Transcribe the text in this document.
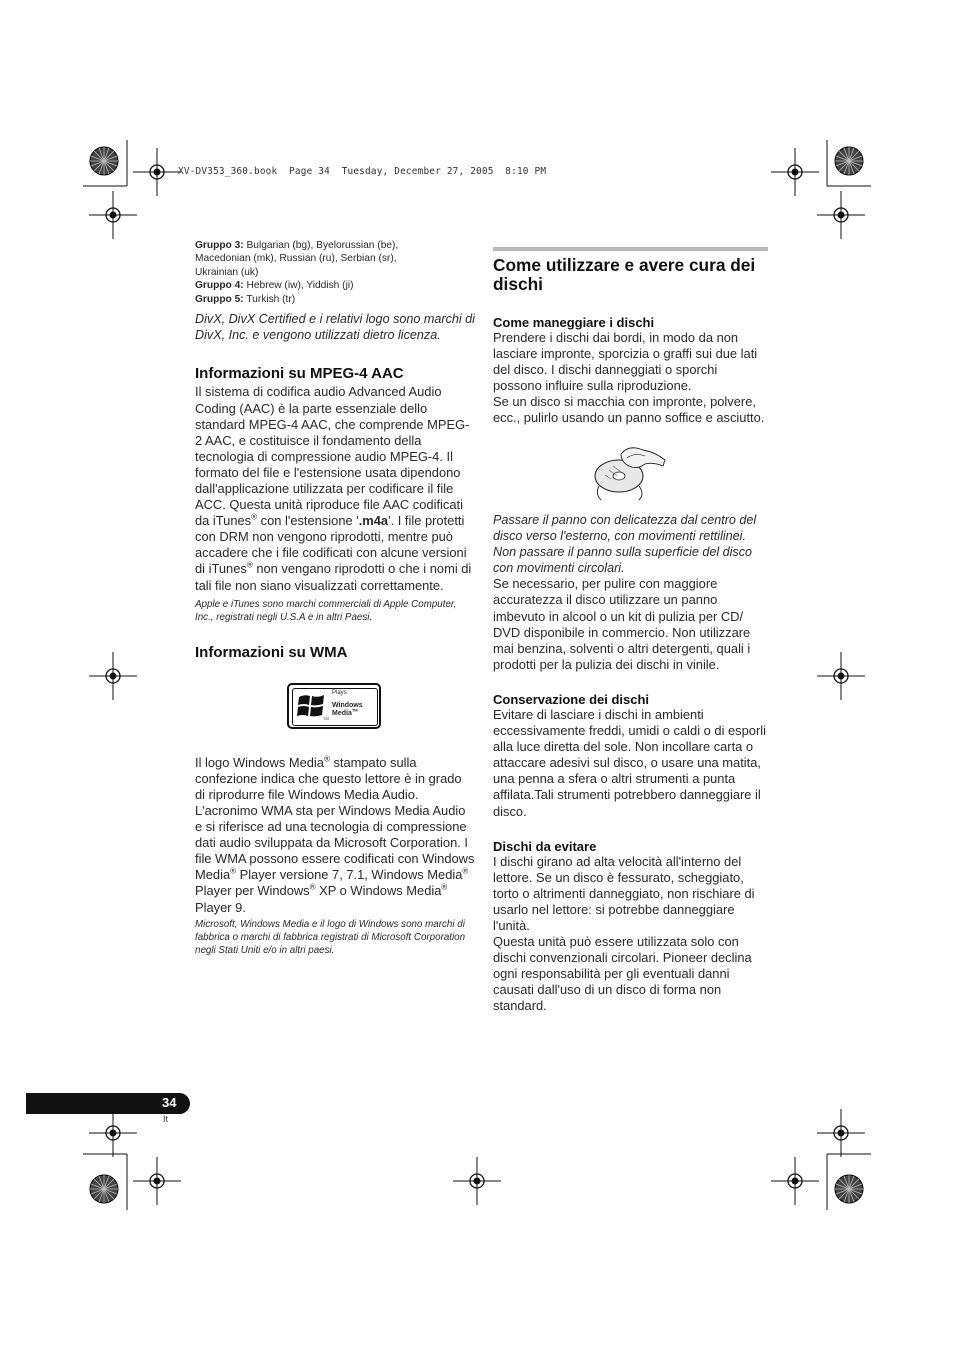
XV-DV353_360.book  Page 34  Tuesday, December 27, 2005  8:10 PM
Gruppo 3: Bulgarian (bg), Byelorussian (be),
Macedonian (mk), Russian (ru), Serbian (sr),
Ukrainian (uk)
Gruppo 4: Hebrew (iw), Yiddish (ji)
Gruppo 5: Turkish (tr)
DivX, DivX Certified e i relativi logo sono marchi di DivX, Inc. e vengono utilizzati dietro licenza.
Informazioni su MPEG-4 AAC
Il sistema di codifica audio Advanced Audio Coding (AAC) è la parte essenziale dello standard MPEG-4 AAC, che comprende MPEG-2 AAC, e costituisce il fondamento della tecnologia di compressione audio MPEG-4. Il formato del file e l'estensione usata dipendono dall'applicazione utilizzata per codificare il file ACC. Questa unità riproduce file AAC codificati da iTunes® con l'estensione '.m4a'. I file protetti con DRM non vengono riprodotti, mentre può accadere che i file codificati con alcune versioni di iTunes® non vengano riprodotti o che i nomi di tali file non siano visualizzati correttamente.
Apple e iTunes sono marchi commerciali di Apple Computer, Inc., registrati negli U.S.A e in altri Paesi.
Informazioni su WMA
TM
Plays
Windows
Media™
Il logo Windows Media® stampato sulla confezione indica che questo lettore è in grado di riprodurre file Windows Media Audio. L'acronimo WMA sta per Windows Media Audio e si riferisce ad una tecnologia di compressione dati audio sviluppata da Microsoft Corporation. I file WMA possono essere codificati con Windows Media® Player versione 7, 7.1, Windows Media® Player per Windows® XP o Windows Media® Player 9.
Microsoft, Windows Media e il logo di Windows sono marchi di fabbrica o marchi di fabbrica registrati di Microsoft Corporation negli Stati Uniti e/o in altri paesi.
Come utilizzare e avere cura dei dischi
Come maneggiare i dischi
Prendere i dischi dai bordi, in modo da non lasciare impronte, sporcizia o graffi sui due lati del disco. I dischi danneggiati o sporchi possono influire sulla riproduzione.
Se un disco si macchia con impronte, polvere, ecc., pulirlo usando un panno soffice e asciutto.
Passare il panno con delicatezza dal centro del disco verso l'esterno, con movimenti rettilinei. Non passare il panno sulla superficie del disco con movimenti circolari.
Se necessario, per pulire con maggiore accuratezza il disco utilizzare un panno imbevuto in alcool o un kit di pulizia per CD/ DVD disponibile in commercio. Non utilizzare mai benzina, solventi o altri detergenti, quali i prodotti per la pulizia dei dischi in vinile.
Conservazione dei dischi
Evitare di lasciare i dischi in ambienti eccessivamente freddi, umidi o caldi o di esporli alla luce diretta del sole. Non incollare carta o attaccare adesivi sul disco, o usare una matita, una penna a sfera o altri strumenti a punta affilata.Tali strumenti potrebbero danneggiare il disco.
Dischi da evitare
I dischi girano ad alta velocità all'interno del lettore. Se un disco è fessurato, scheggiato, torto o altrimenti danneggiato, non rischiare di usarlo nel lettore: si potrebbe danneggiare l'unità.
Questa unità può essere utilizzata solo con dischi convenzionali circolari. Pioneer declina ogni responsabilità per gli eventuali danni causati dall'uso di un disco di forma non standard.
34
It
